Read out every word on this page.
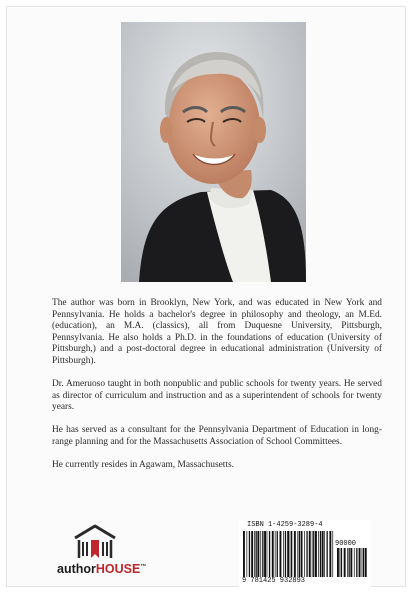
The author was born in Brooklyn, New York, and was educated in New York and Pennsylvania. He holds a bachelor's degree in philosophy and theology, an M.Ed. (education), an M.A. (classics), all from Duquesne University, Pittsburgh, Pennsylvania. He also holds a Ph.D. in the foundations of education (University of Pittsburgh,) and a post-doctoral degree in educational administration (University of Pittsburgh).

Dr. Ameruoso taught in both nonpublic and public schools for twenty years. He served as director of curriculum and instruction and as a superintendent of schools for twenty years.

He has served as a consultant for the Pennsylvania Department of Education in long-range planning and for the Massachusetts Association of School Committees.

He currently resides in Agawam, Massachusetts.

authorHOUSE™
ISBN 1-4259-3289-4
90000
9 781425 932893
